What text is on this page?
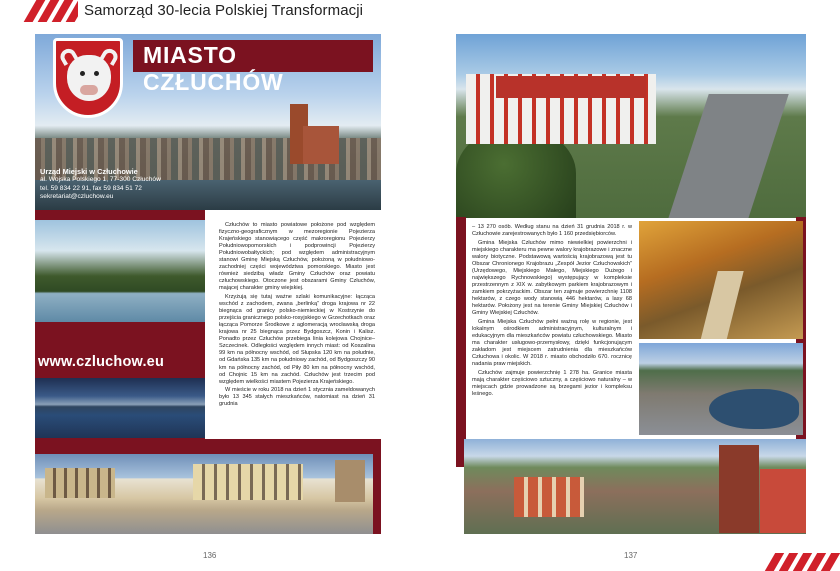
Samorząd 30-lecia Polskiej Transformacji
MIASTO CZŁUCHÓW
Urząd Miejski w Człuchowie
al. Wojska Polskiego 1, 77-300 Człuchów
tel. 59 834 22 91, fax 59 834 51 72
sekretariat@czluchow.eu
www.czluchow.eu

Człuchów to miasto powiatowe położone pod względem fizyczno-geograficznym w mezoregionie Pojezierza Krajeńskiego stanowiącego część makroregionu Pojezierzy Południowopomorskich i podprowincji Pojezierzy Południowobałtyckich; pod względem administracyjnym stanowi Gminę Miejską Człuchów, położoną w południowo-zachodniej części województwa pomorskiego. Miasto jest również siedzibą władz Gminy Człuchów oraz powiatu człuchowskiego. Otoczone jest obszarami Gminy Człuchów, mającej charakter gminy wiejskiej.

Krzyżują się tutaj ważne szlaki komunikacyjne: łącząca wschód z zachodem, zwana „berlinką” droga krajowa nr 22 biegnąca od granicy polsko-niemieckiej w Kostrzynie do przejścia granicznego polsko-rosyjskiego w Grzechotkach oraz łącząca Pomorze Środkowe z aglomeracją wrocławską droga krajowa nr 25 biegnąca przez Bydgoszcz, Konin i Kalisz. Ponadto przez Człuchów przebiega linia kolejowa Chojnice–Szczecinek. Odległości względem innych miast: od Koszalina 99 km na północny wschód, od Słupska 120 km na południe, od Gdańska 135 km na południowy zachód, od Bydgoszczy 90 km na północny zachód, od Piły 80 km na północny wschód, od Chojnic 15 km na zachód. Człuchów jest trzecim pod względem wielkości miastem Pojezierza Krajeńskiego.

W mieście w roku 2018 na dzień 1 stycznia zameldowanych było 13 345 stałych mieszkańców, natomiast na dzień 31 grudnia

– 13 270 osób. Według stanu na dzień 31 grudnia 2018 r. w Człuchowie zarejestrowanych było 1 160 przedsiębiorców.

Gmina Miejska Człuchów mimo niewielkiej powierzchni i miejskiego charakteru ma pewne walory krajobrazowe i znaczne walory biotyczne. Podstawową wartością krajobrazową jest tu Obszar Chronionego Krajobrazu „Zespół Jezior Człuchowskich” (Urzędowego, Miejskiego Małego, Miejskiego Dużego i największego Rychnowskiego) występujący w kompleksie przestrzennym z XIX w. zabytkowym parkiem krajobrazowym i zamkiem pokrzyżackim. Obszar ten zajmuje powierzchnię 1108 hektarów, z czego wody stanowią 446 hektarów, a lasy 68 hektarów. Położony jest na terenie Gminy Miejskiej Człuchów i Gminy Wiejskiej Człuchów.

Gmina Miejska Człuchów pełni ważną rolę w regionie, jest lokalnym ośrodkiem administracyjnym, kulturalnym i edukacyjnym dla mieszkańców powiatu człuchowskiego. Miasto ma charakter usługowo-przemysłowy, dzięki funkcjonującym zakładom jest miejscem zatrudnienia dla mieszkańców Człuchowa i okolic. W 2018 r. miasto obchodziło 670. rocznicę nadania praw miejskich.

Człuchów zajmuje powierzchnię 1 278 ha. Granice miasta mają charakter częściowo sztuczny, a częściowo naturalny – w miejscach gdzie prowadzone są brzegami jezior i kompleksu leśnego.

136	137
